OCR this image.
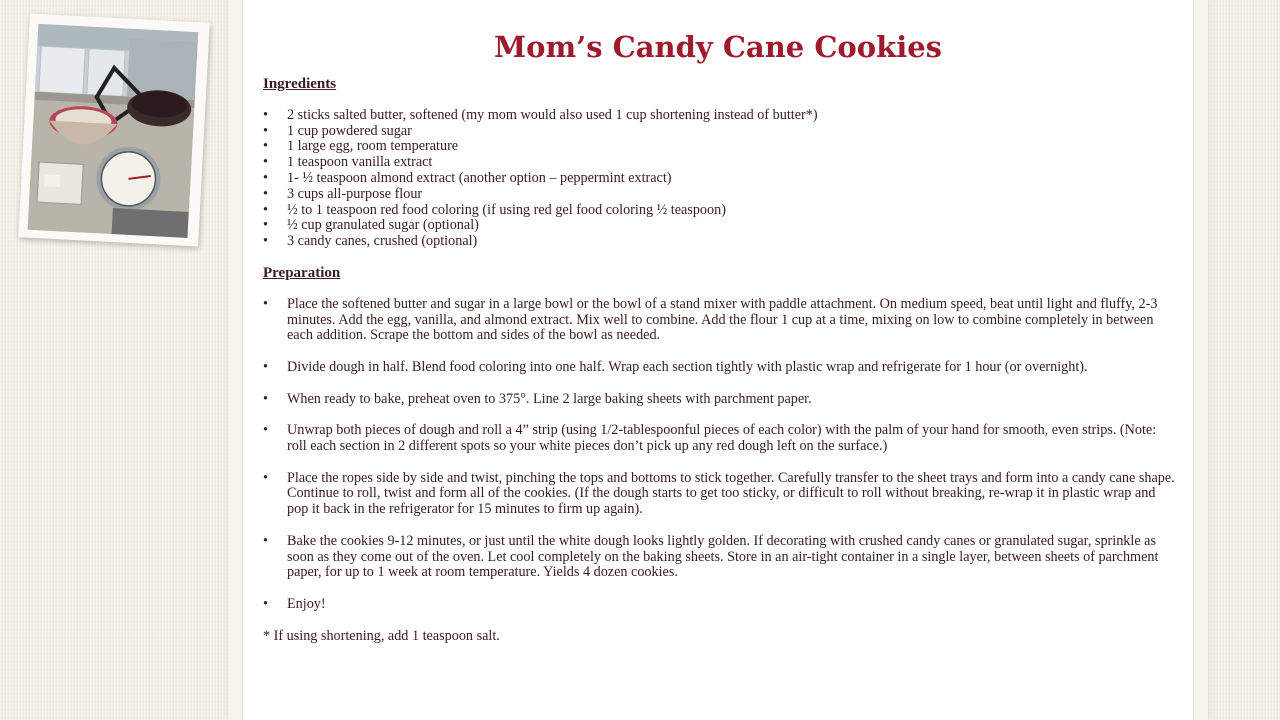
Mom’s Candy Cane Cookies
Ingredients
• 2 sticks salted butter, softened (my mom would also used 1 cup shortening instead of butter*)
• 1 cup powdered sugar
• 1 large egg, room temperature
• 1 teaspoon vanilla extract
• 1- ½ teaspoon almond extract (another option – peppermint extract)
• 3 cups all-purpose flour
• ½ to 1 teaspoon red food coloring (if using red gel food coloring ½ teaspoon)
• ½ cup granulated sugar (optional)
• 3 candy canes, crushed (optional)
Preparation
• Place the softened butter and sugar in a large bowl or the bowl of a stand mixer with paddle attachment. On medium speed, beat until light and fluffy, 2-3 minutes. Add the egg, vanilla, and almond extract. Mix well to combine. Add the flour 1 cup at a time, mixing on low to combine completely in between each addition. Scrape the bottom and sides of the bowl as needed.
• Divide dough in half. Blend food coloring into one half. Wrap each section tightly with plastic wrap and refrigerate for 1 hour (or overnight).
• When ready to bake, preheat oven to 375°. Line 2 large baking sheets with parchment paper.
• Unwrap both pieces of dough and roll a 4” strip (using 1/2-tablespoonful pieces of each color) with the palm of your hand for smooth, even strips. (Note: roll each section in 2 different spots so your white pieces don’t pick up any red dough left on the surface.)
• Place the ropes side by side and twist, pinching the tops and bottoms to stick together. Carefully transfer to the sheet trays and form into a candy cane shape. Continue to roll, twist and form all of the cookies. (If the dough starts to get too sticky, or difficult to roll without breaking, re-wrap it in plastic wrap and pop it back in the refrigerator for 15 minutes to firm up again).
• Bake the cookies 9-12 minutes, or just until the white dough looks lightly golden. If decorating with crushed candy canes or granulated sugar, sprinkle as soon as they come out of the oven. Let cool completely on the baking sheets. Store in an air-tight container in a single layer, between sheets of parchment paper, for up to 1 week at room temperature. Yields 4 dozen cookies.
• Enjoy!
* If using shortening, add 1 teaspoon salt.
